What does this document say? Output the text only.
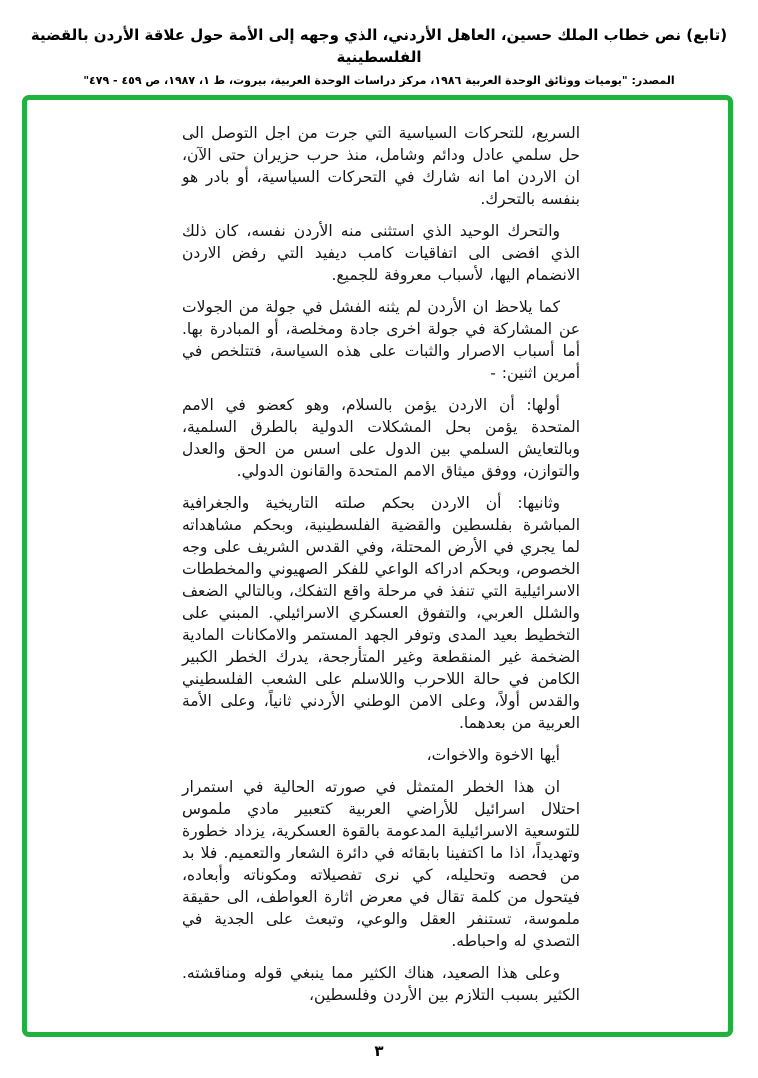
(تابع) نص خطاب الملك حسين، العاهل الأردني، الذي وجهه إلى الأمة حول علاقة الأردن بالقضية الفلسطينية
المصدر: "يوميات ووثائق الوحدة العربية ١٩٨٦، مركز دراسات الوحدة العربية، بيروت، ط ١، ١٩٨٧، ص ٤٥٩ - ٤٧٩"

السريع، للتحركات السياسية التي جرت من اجل التوصل الى حل سلمي عادل ودائم وشامل، منذ حرب حزيران حتى الآن، ان الاردن اما انه شارك في التحركات السياسية، أو بادر هو بنفسه بالتحرك.

والتحرك الوحيد الذي استثنى منه الأردن نفسه، كان ذلك الذي افضى الى اتفاقيات كامب ديفيد التي رفض الاردن الانضمام اليها، لأسباب معروفة للجميع.

كما يلاحظ ان الأردن لم يثنه الفشل في جولة من الجولات عن المشاركة في جولة اخرى جادة ومخلصة، أو المبادرة بها. أما أسباب الاصرار والثبات على هذه السياسة، فتتلخص في أمرين اثنين: -

أولها: أن الاردن يؤمن بالسلام، وهو كعضو في الامم المتحدة يؤمن بحل المشكلات الدولية بالطرق السلمية، وبالتعايش السلمي بين الدول على اسس من الحق والعدل والتوازن، ووفق ميثاق الامم المتحدة والقانون الدولي.

وثانيها: أن الاردن بحكم صلته التاريخية والجغرافية المباشرة بفلسطين والقضية الفلسطينية، وبحكم مشاهداته لما يجري في الأرض المحتلة، وفي القدس الشريف على وجه الخصوص، وبحكم ادراكه الواعي للفكر الصهيوني والمخططات الاسرائيلية التي تنفذ في مرحلة واقع التفكك، وبالتالي الضعف والشلل العربي، والتفوق العسكري الاسرائيلي. المبني على التخطيط بعيد المدى وتوفر الجهد المستمر والامكانات المادية الضخمة غير المنقطعة وغير المتأرجحة، يدرك الخطر الكبير الكامن في حالة اللاحرب واللاسلم على الشعب الفلسطيني والقدس أولاً، وعلى الامن الوطني الأردني ثانياً، وعلى الأمة العربية من بعدهما.

أيها الاخوة والاخوات،

ان هذا الخطر المتمثل في صورته الحالية في استمرار احتلال اسرائيل للأراضي العربية كتعبير مادي ملموس للتوسعية الاسرائيلية المدعومة بالقوة العسكرية، يزداد خطورة وتهديداً، اذا ما اكتفينا بابقائه في دائرة الشعار والتعميم. فلا بد من فحصه وتحليله، كي نرى تفصيلاته ومكوناته وأبعاده، فيتحول من كلمة تقال في معرض اثارة العواطف، الى حقيقة ملموسة، تستنفر العقل والوعي، وتبعث على الجدية في التصدي له واحباطه.

وعلى هذا الصعيد، هناك الكثير مما ينبغي قوله ومناقشته. الكثير بسبب التلازم بين الأردن وفلسطين،

٣
